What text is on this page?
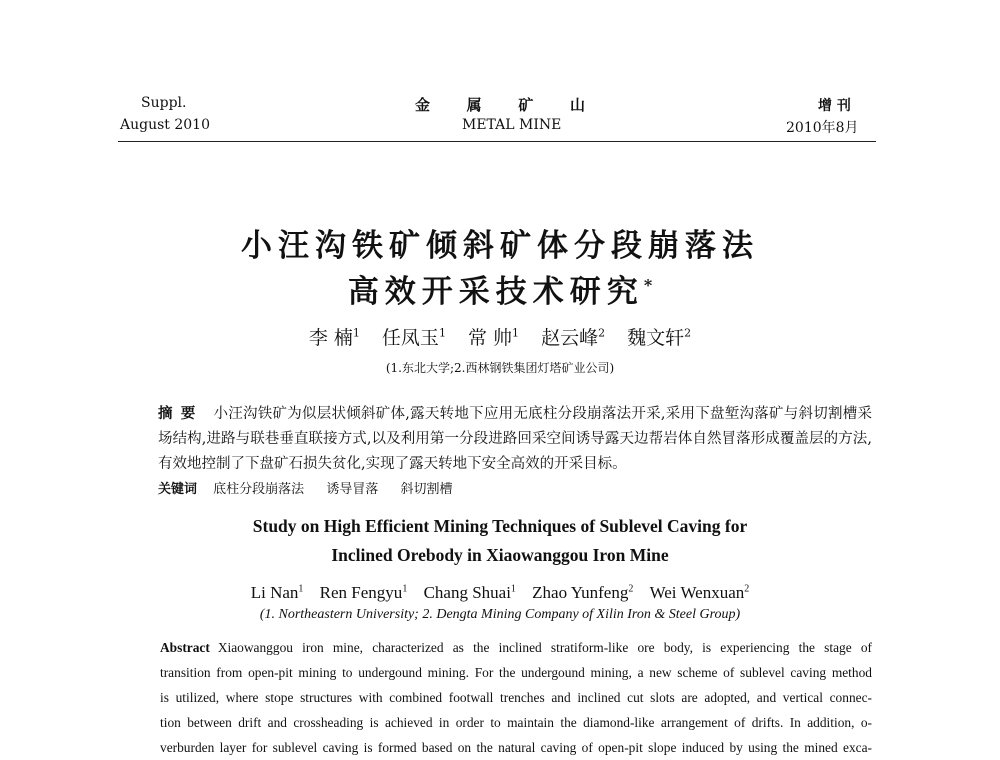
Suppl.
August 2010
金 属 矿 山
METAL MINE
增 刊
2010年8月
小汪沟铁矿倾斜矿体分段崩落法
高效开采技术研究*
李 楠$^1$ 任凤玉$^1$ 常 帅$^1$ 赵云峰$^2$ 魏文轩$^2$
(1.东北大学;2.西林钢铁集团灯塔矿业公司)
摘要 小汪沟铁矿为似层状倾斜矿体,露天转地下应用无底柱分段崩落法开采,采用下盘堑沟落矿与斜切割槽采场结构,进路与联巷垂直联接方式,以及利用第一分段进路回采空间诱导露天边帮岩体自然冒落形成覆盖层的方法,有效地控制了下盘矿石损失贫化,实现了露天转地下安全高效的开采目标。
关键词 底柱分段崩落法 诱导冒落 斜切割槽
Study on High Efficient Mining Techniques of Sublevel Caving for
Inclined Orebody in Xiaowanggou Iron Mine
Li Nan$^1$ Ren Fengyu$^1$ Chang Shuai$^1$ Zhao Yunfeng$^2$ Wei Wenxuan$^2$
(1. Northeastern University; 2. Dengta Mining Company of Xilin Iron & Steel Group)
Abstract Xiaowanggou iron mine, characterized as the inclined stratiform-like ore body, is experiencing the stage of
transition from open-pit mining to undergound mining. For the undergound mining, a new scheme of sublevel caving method
is utilized, where stope structures with combined footwall trenches and inclined cut slots are adopted, and vertical connec-
tion between drift and crossheading is achieved in order to maintain the diamond-like arrangement of drifts. In addition, o-
verburden layer for sublevel caving is formed based on the natural caving of open-pit slope induced by using the mined exca-
